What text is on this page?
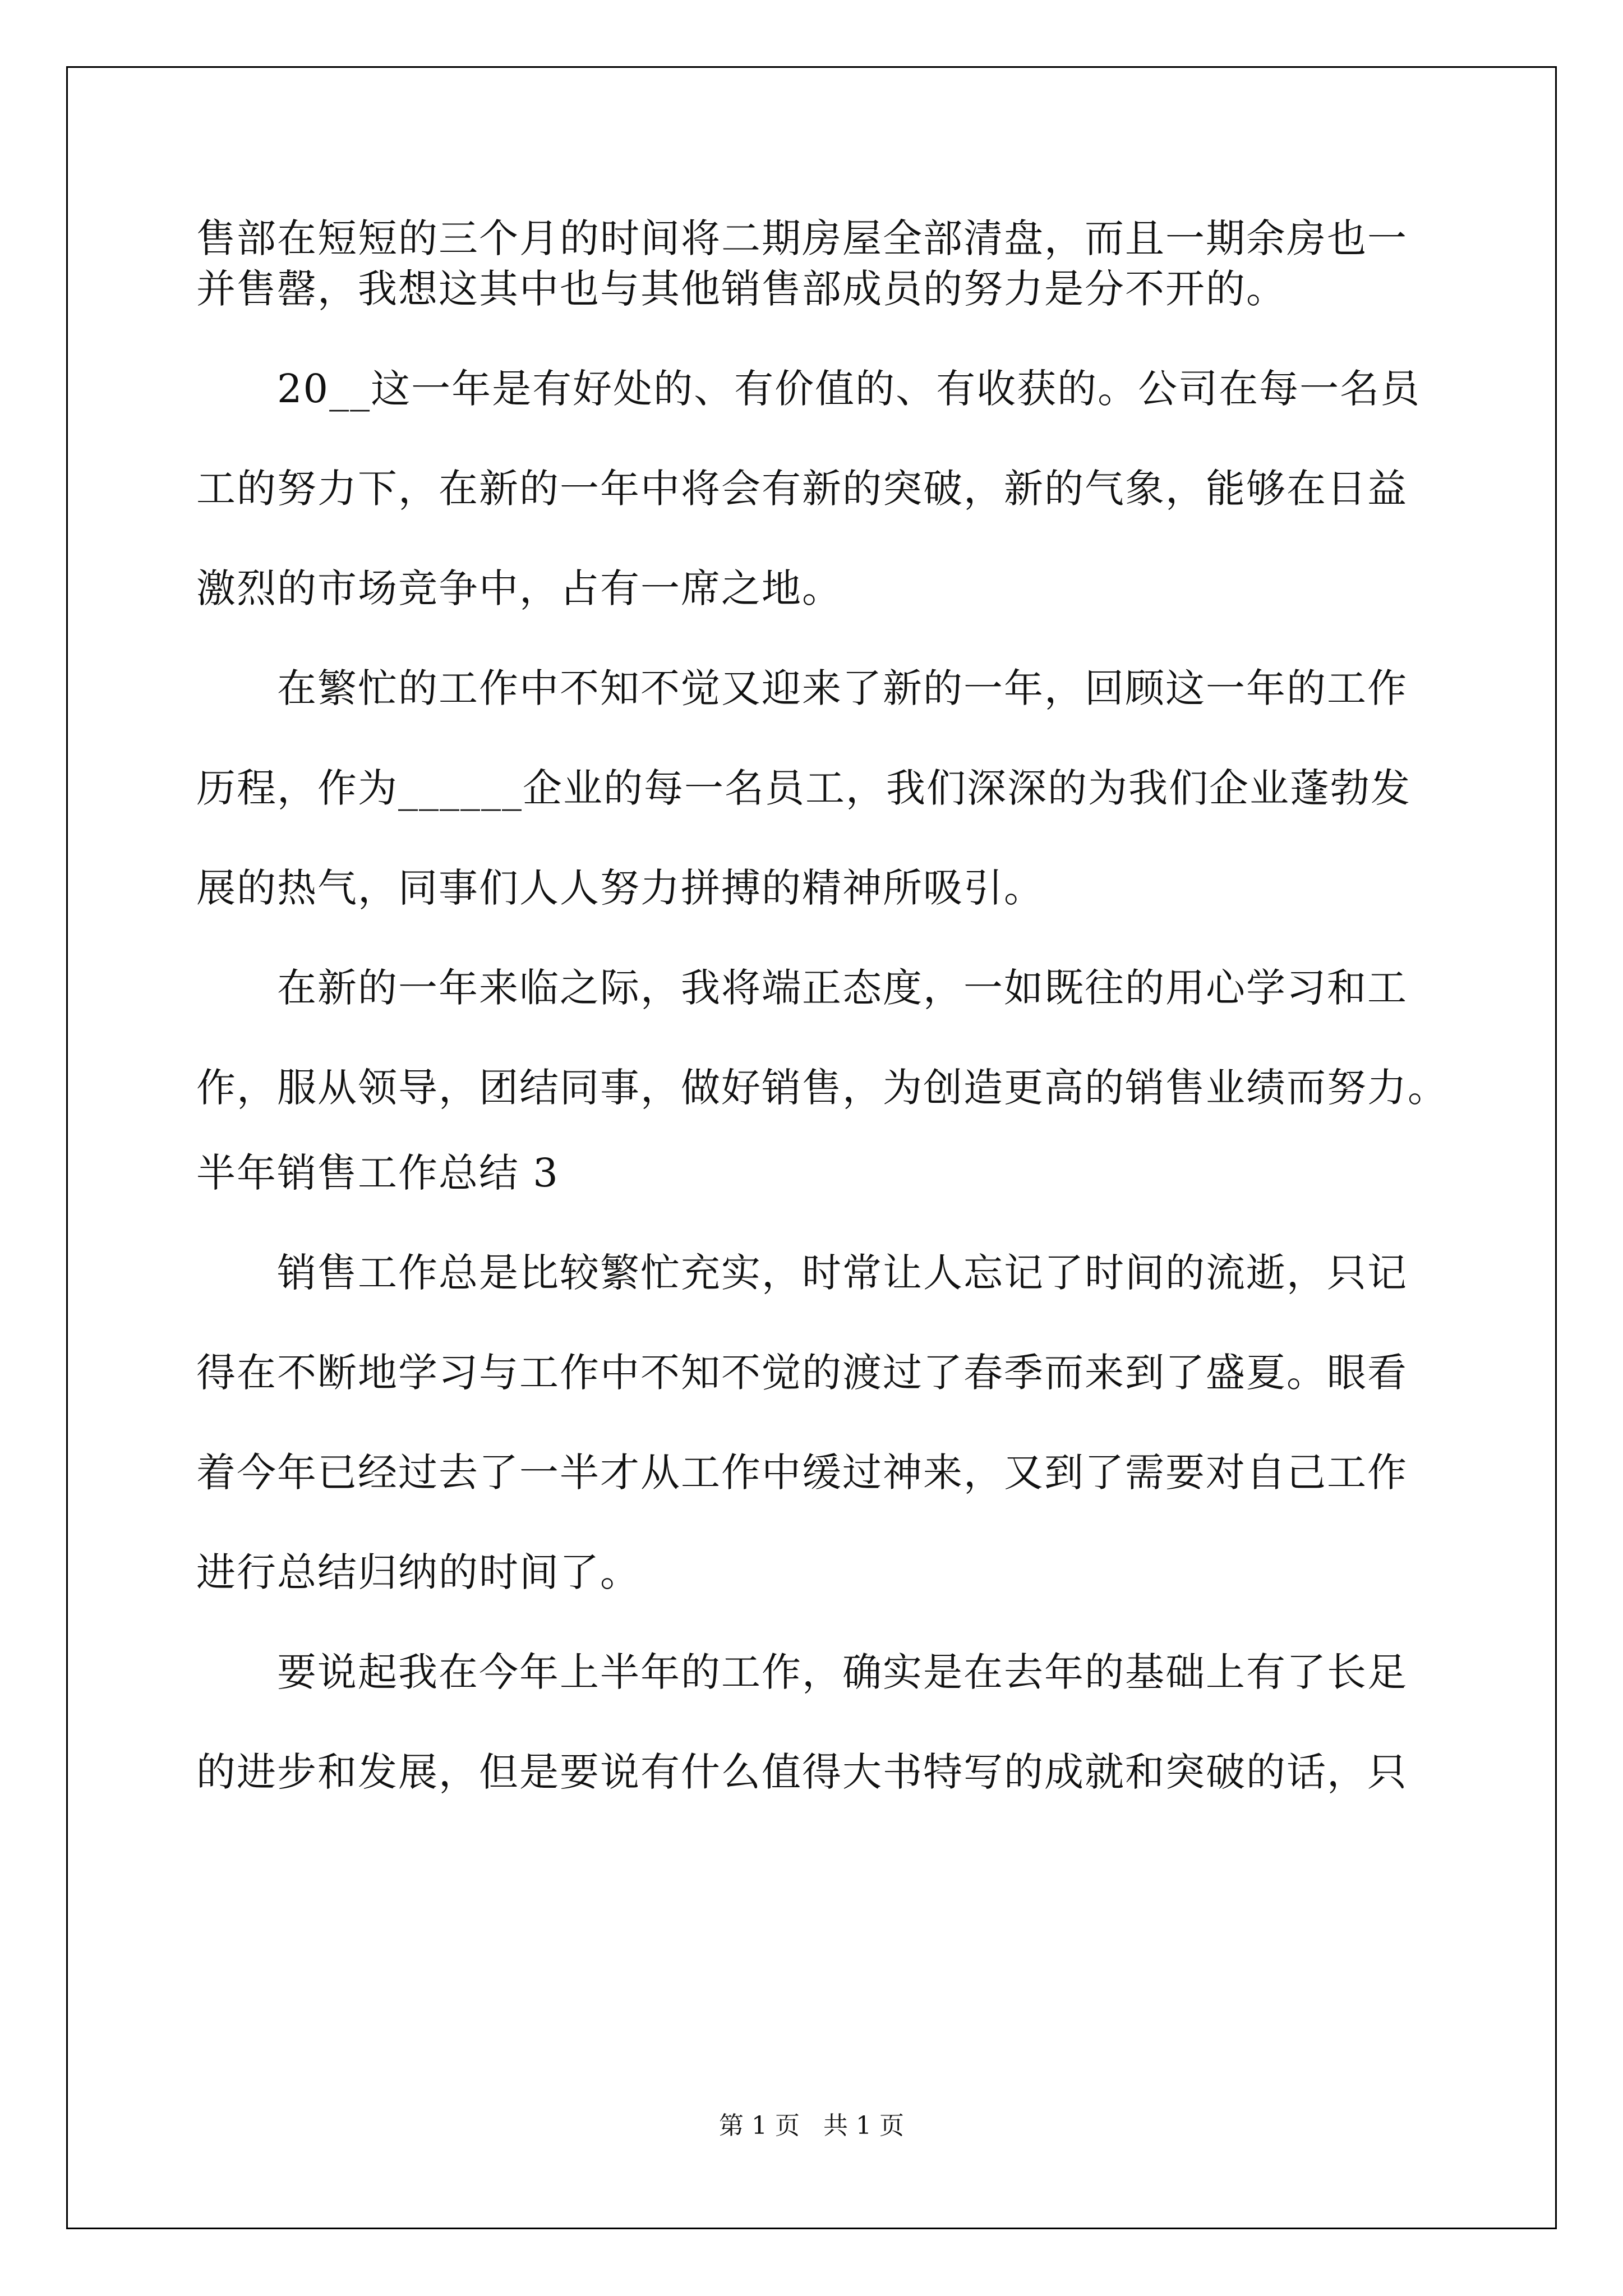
售部在短短的三个月的时间将二期房屋全部清盘，而且一期余房也一
并售罄，我想这其中也与其他销售部成员的努力是分不开的。
20__这一年是有好处的、有价值的、有收获的。公司在每一名员
工的努力下，在新的一年中将会有新的突破，新的气象，能够在日益
激烈的市场竞争中，占有一席之地。
在繁忙的工作中不知不觉又迎来了新的一年，回顾这一年的工作
历程，作为______企业的每一名员工，我们深深的为我们企业蓬勃发
展的热气，同事们人人努力拼搏的精神所吸引。
在新的一年来临之际，我将端正态度，一如既往的用心学习和工
作，服从领导，团结同事，做好销售，为创造更高的销售业绩而努力。
半年销售工作总结 3
销售工作总是比较繁忙充实，时常让人忘记了时间的流逝，只记
得在不断地学习与工作中不知不觉的渡过了春季而来到了盛夏。眼看
着今年已经过去了一半才从工作中缓过神来，又到了需要对自己工作
进行总结归纳的时间了。
要说起我在今年上半年的工作，确实是在去年的基础上有了长足
的进步和发展，但是要说有什么值得大书特写的成就和突破的话，只
第 1 页 共 1 页
